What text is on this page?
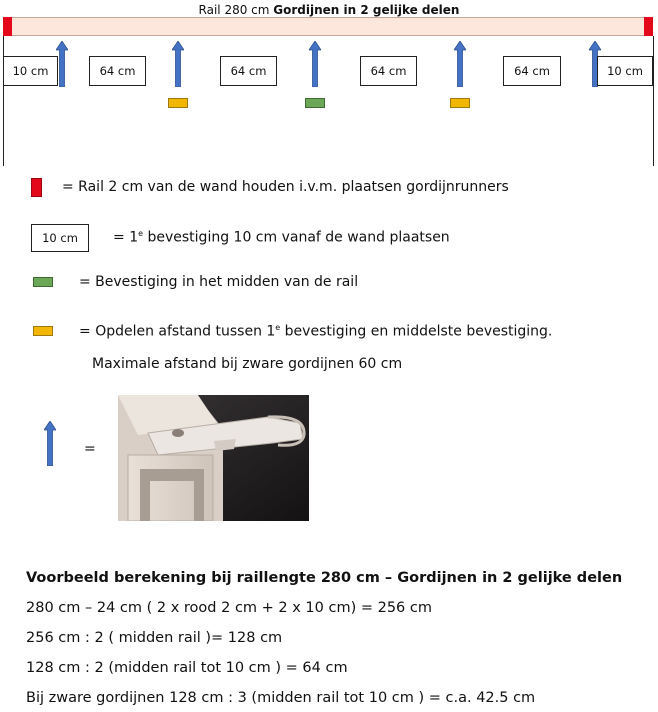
Rail 280 cm Gordijnen in 2 gelijke delen
10 cm	64 cm	64 cm	64 cm	64 cm	10 cm
= Rail 2 cm van de wand houden i.v.m. plaatsen gordijnrunners
10 cm	= $1^e$ bevestiging 10 cm vanaf de wand plaatsen
= Bevestiging in het midden van de rail
= Opdelen afstand tussen 1e bevestiging en middelste bevestiging.
Maximale afstand bij zware gordijnen 60 cm
=
Voorbeeld berekening bij raillengte 280 cm – Gordijnen in 2 gelijke delen
280 cm – 24 cm ( 2 x rood 2 cm + 2 x 10 cm) = 256 cm
256 cm : 2 ( midden rail )= 128 cm
128 cm : 2 (midden rail tot 10 cm ) = 64 cm
Bij zware gordijnen 128 cm : 3 (midden rail tot 10 cm ) = c.a. 42.5 cm
